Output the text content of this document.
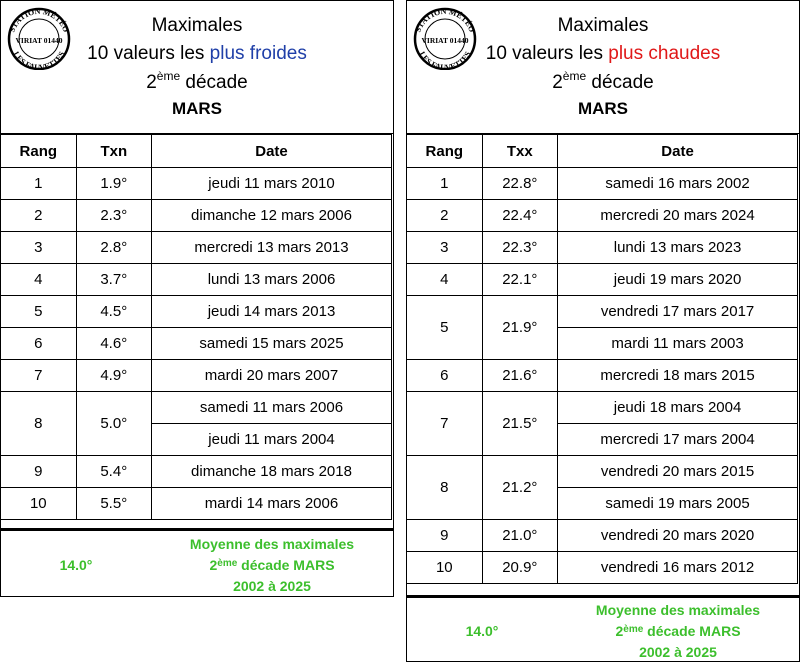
STATION MÉTÉO
VIRIAT 01440
LES FAUVETTES
Maximales
10 valeurs les plus froides
2ème décade
MARS
Rang	Txn	Date
1	1.9°	jeudi 11 mars 2010
2	2.3°	dimanche 12 mars 2006
3	2.8°	mercredi 13 mars 2013
4	3.7°	lundi 13 mars 2006
5	4.5°	jeudi 14 mars 2013
6	4.6°	samedi 15 mars 2025
7	4.9°	mardi 20 mars 2007
8	5.0°	samedi 11 mars 2006
		jeudi 11 mars 2004
9	5.4°	dimanche 18 mars 2018
10	5.5°	mardi 14 mars 2006
14.0°
Moyenne des maximales
2ème décade MARS
2002 à 2025
STATION MÉTÉO
VIRIAT 01440
LES FAUVETTES
Maximales
10 valeurs les plus chaudes
2ème décade
MARS
Rang	Txx	Date
1	22.8°	samedi 16 mars 2002
2	22.4°	mercredi 20 mars 2024
3	22.3°	lundi 13 mars 2023
4	22.1°	jeudi 19 mars 2020
5	21.9°	vendredi 17 mars 2017
		mardi 11 mars 2003
6	21.6°	mercredi 18 mars 2015
7	21.5°	jeudi 18 mars 2004
		mercredi 17 mars 2004
8	21.2°	vendredi 20 mars 2015
		samedi 19 mars 2005
9	21.0°	vendredi 20 mars 2020
10	20.9°	vendredi 16 mars 2012
14.0°
Moyenne des maximales
2ème décade MARS
2002 à 2025
